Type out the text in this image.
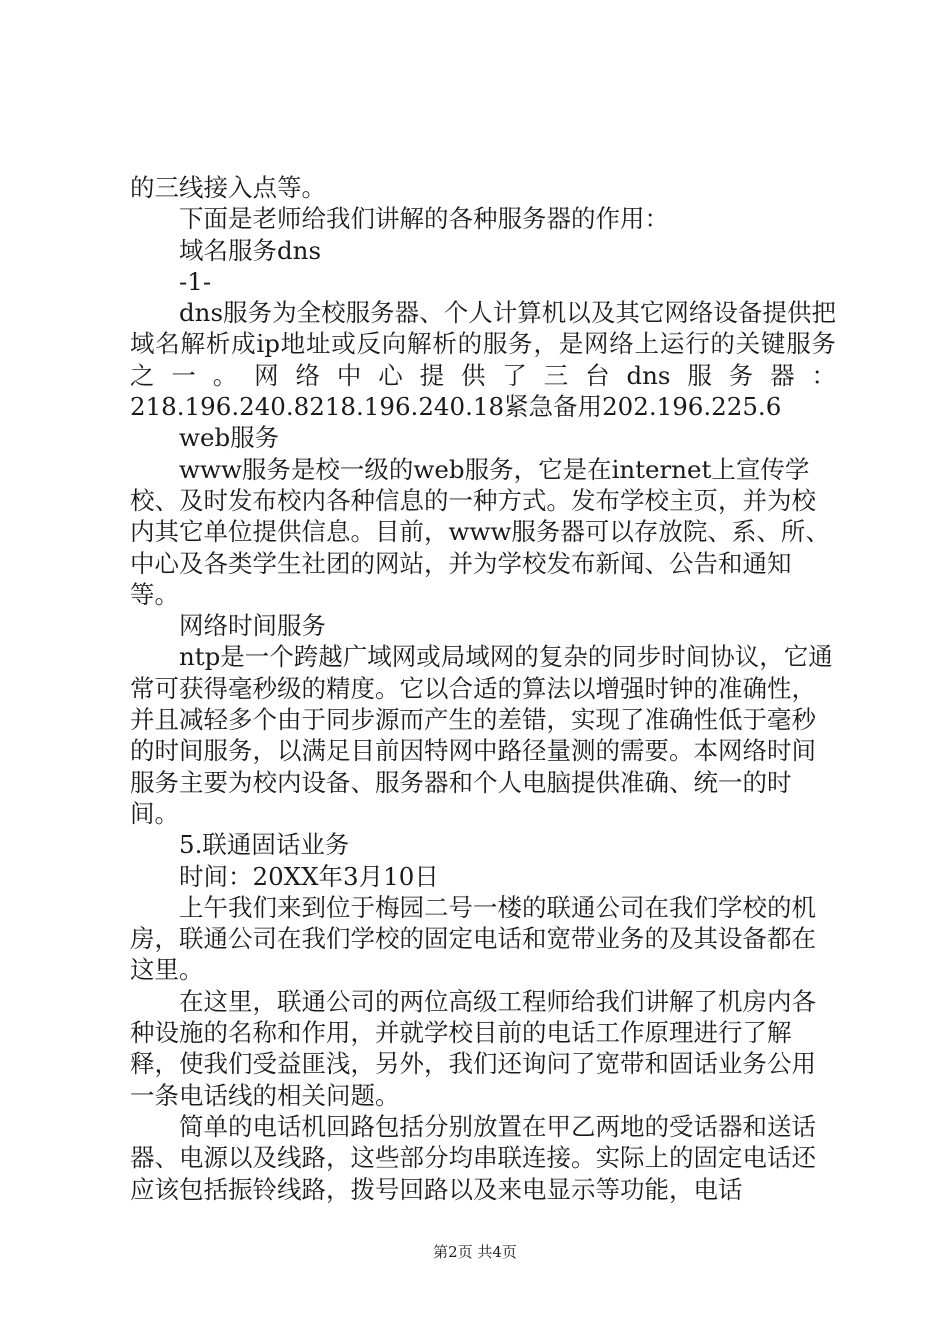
的三线接入点等。

下面是老师给我们讲解的各种服务器的作用：

域名服务dns

-1-

dns服务为全校服务器、个人计算机以及其它网络设备提供把域名解析成ip地址或反向解析的服务，是网络上运行的关键服务之一。网络中心提供了三台dns服务器：

218.196.240.8218.196.240.18紧急备用202.196.225.6

web服务

www服务是校一级的web服务，它是在internet上宣传学校、及时发布校内各种信息的一种方式。发布学校主页，并为校内其它单位提供信息。目前，www服务器可以存放院、系、所、中心及各类学生社团的网站，并为学校发布新闻、公告和通知等。

网络时间服务

ntp是一个跨越广域网或局域网的复杂的同步时间协议，它通常可获得毫秒级的精度。它以合适的算法以增强时钟的准确性，并且减轻多个由于同步源而产生的差错，实现了准确性低于毫秒的时间服务，以满足目前因特网中路径量测的需要。本网络时间服务主要为校内设备、服务器和个人电脑提供准确、统一的时间。

5.联通固话业务

时间：20XX年3月10日

上午我们来到位于梅园二号一楼的联通公司在我们学校的机房，联通公司在我们学校的固定电话和宽带业务的及其设备都在这里。

在这里，联通公司的两位高级工程师给我们讲解了机房内各种设施的名称和作用，并就学校目前的电话工作原理进行了解释，使我们受益匪浅，另外，我们还询问了宽带和固话业务公用一条电话线的相关问题。

简单的电话机回路包括分别放置在甲乙两地的受话器和送话器、电源以及线路，这些部分均串联连接。实际上的固定电话还应该包括振铃线路，拨号回路以及来电显示等功能，电话

第2页 共4页
